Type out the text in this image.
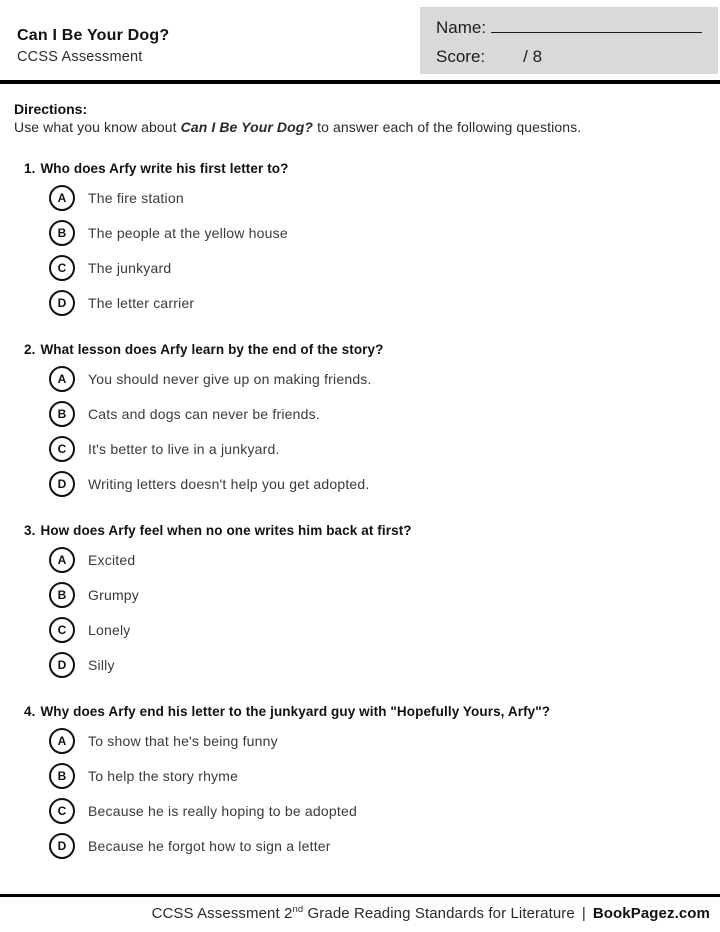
Can I Be Your Dog?
CCSS Assessment
Name:
Score: / 8
Directions:
Use what you know about Can I Be Your Dog? to answer each of the following questions.
1. Who does Arfy write his first letter to?
A	The fire station
B	The people at the yellow house
C	The junkyard
D	The letter carrier
2. What lesson does Arfy learn by the end of the story?
A	You should never give up on making friends.
B	Cats and dogs can never be friends.
C	It's better to live in a junkyard.
D	Writing letters doesn't help you get adopted.
3. How does Arfy feel when no one writes him back at first?
A	Excited
B	Grumpy
C	Lonely
D	Silly
4. Why does Arfy end his letter to the junkyard guy with "Hopefully Yours, Arfy"?
A	To show that he's being funny
B	To help the story rhyme
C	Because he is really hoping to be adopted
D	Because he forgot how to sign a letter
CCSS Assessment 2nd Grade Reading Standards for Literature | BookPagez.com
